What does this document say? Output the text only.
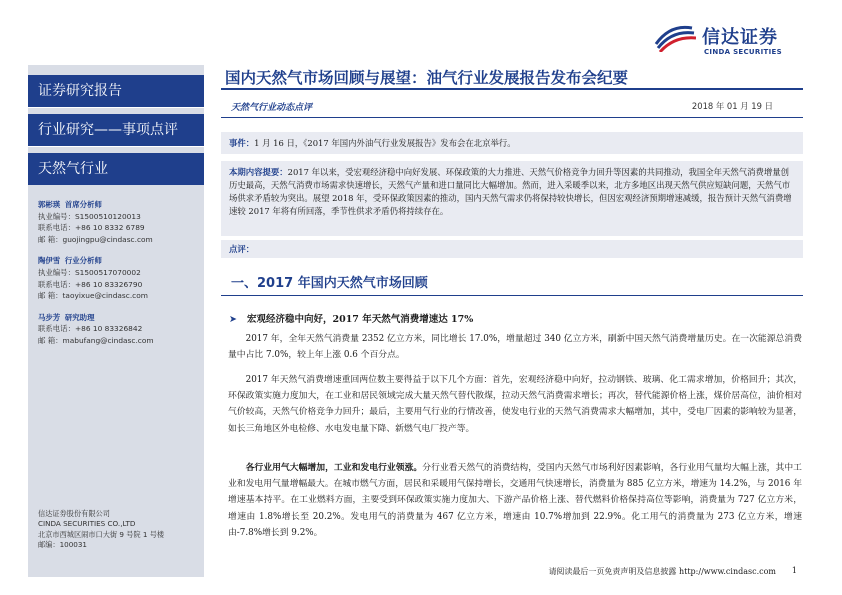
信达证券
CINDA SECURITIES
证券研究报告
行业研究——事项点评
天然气行业
郭彬瑛 首席分析师
执业编号：S1500510120013
联系电话：+86 10 8332 6789
邮 箱：guojingpu@cindasc.com
陶伊雪 行业分析师
执业编号：S1500517070002
联系电话：+86 10 83326790
邮 箱：taoyixue@cindasc.com
马步芳 研究助理
联系电话：+86 10 83326842
邮 箱：mabufang@cindasc.com
信达证券股份有限公司
CINDA SECURITIES CO.,LTD
北京市西城区闹市口大街 9 号院 1 号楼
邮编：100031
国内天然气市场回顾与展望：油气行业发展报告发布会纪要
天然气行业动态点评	2018 年 01 月 19 日
事件：1 月 16 日，《2017 年国内外油气行业发展报告》发布会在北京举行。
本期内容提要：2017 年以来，受宏观经济稳中向好发展、环保政策的大力推进、天然气价格竞争力回升等因素的共同推动，我国全年天然气消费增量创历史最高，天然气消费市场需求快速增长，天然气产量和进口量同比大幅增加。然而，进入采暖季以来，北方多地区出现天然气供应短缺问题，天然气市场供求矛盾较为突出。展望 2018 年，受环保政策因素的推动，国内天然气需求仍将保持较快增长，但因宏观经济预期增速减缓，报告预计天然气消费增速较 2017 年将有所回落，季节性供求矛盾仍将持续存在。
点评：
一、2017 年国内天然气市场回顾
➤ 宏观经济稳中向好，2017 年天然气消费增速达 17%
2017 年，全年天然气消费量 2352 亿立方米，同比增长 17.0%，增量超过 340 亿立方米，刷新中国天然气消费增量历史。在一次能源总消费量中占比 7.0%，较上年上涨 0.6 个百分点。
2017 年天然气消费增速重回两位数主要得益于以下几个方面：首先，宏观经济稳中向好，拉动钢铁、玻璃、化工需求增加，价格回升；其次，环保政策实施力度加大，在工业和居民领域完成大量天然气替代散煤，拉动天然气消费需求增长；再次，替代能源价格上涨，煤价居高位，油价相对气价较高，天然气价格竞争力回升；最后，主要用气行业的行情改善，使发电行业的天然气消费需求大幅增加，其中，受电厂因素的影响较为显著，如长三角地区外电检修、水电发电量下降、新燃气电厂投产等。
各行业用气大幅增加，工业和发电行业领涨。分行业看天然气的消费结构，受国内天然气市场利好因素影响，各行业用气量均大幅上涨，其中工业和发电用气量增幅最大。在城市燃气方面，居民和采暖用气保持增长，交通用气快速增长，消费量为 885 亿立方米，增速为 14.2%，与 2016 年增速基本持平。在工业燃料方面，主要受到环保政策实施力度加大、下游产品价格上涨、替代燃料价格保持高位等影响，消费量为 727 亿立方米，增速由 1.8%增长至 20.2%。发电用气的消费量为 467 亿立方米，增速由 10.7%增加到 22.9%。化工用气的消费量为 273 亿立方米，增速由-7.8%增长到 9.2%。
请阅读最后一页免责声明及信息披露 http://www.cindasc.com 1
